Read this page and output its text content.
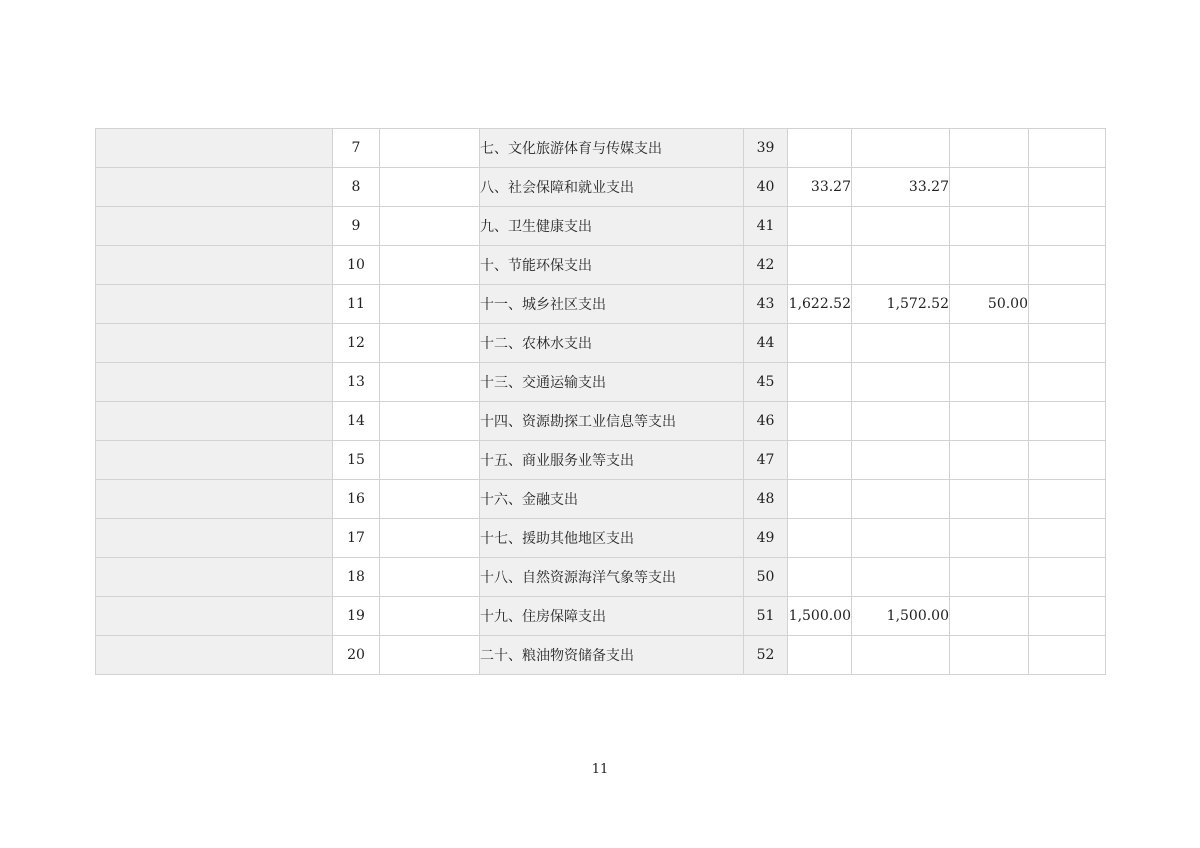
	7		七、文化旅游体育与传媒支出	39	

	8		八、社会保障和就业支出	40	33.27	33.27		
	9		九、卫生健康支出	41	

	10		十、节能环保支出	42	

	11		十一、城乡社区支出	43	1,622.52	1,572.52	50.00	
	12		十二、农林水支出	44	

	13		十三、交通运输支出	45	

	14		十四、资源勘探工业信息等支出	46	

	15		十五、商业服务业等支出	47	

	16		十六、金融支出	48	

	17		十七、援助其他地区支出	49	

	18		十八、自然资源海洋气象等支出	50	

	19		十九、住房保障支出	51	1,500.00	1,500.00		
	20		二十、粮油物资储备支出	52	

11
